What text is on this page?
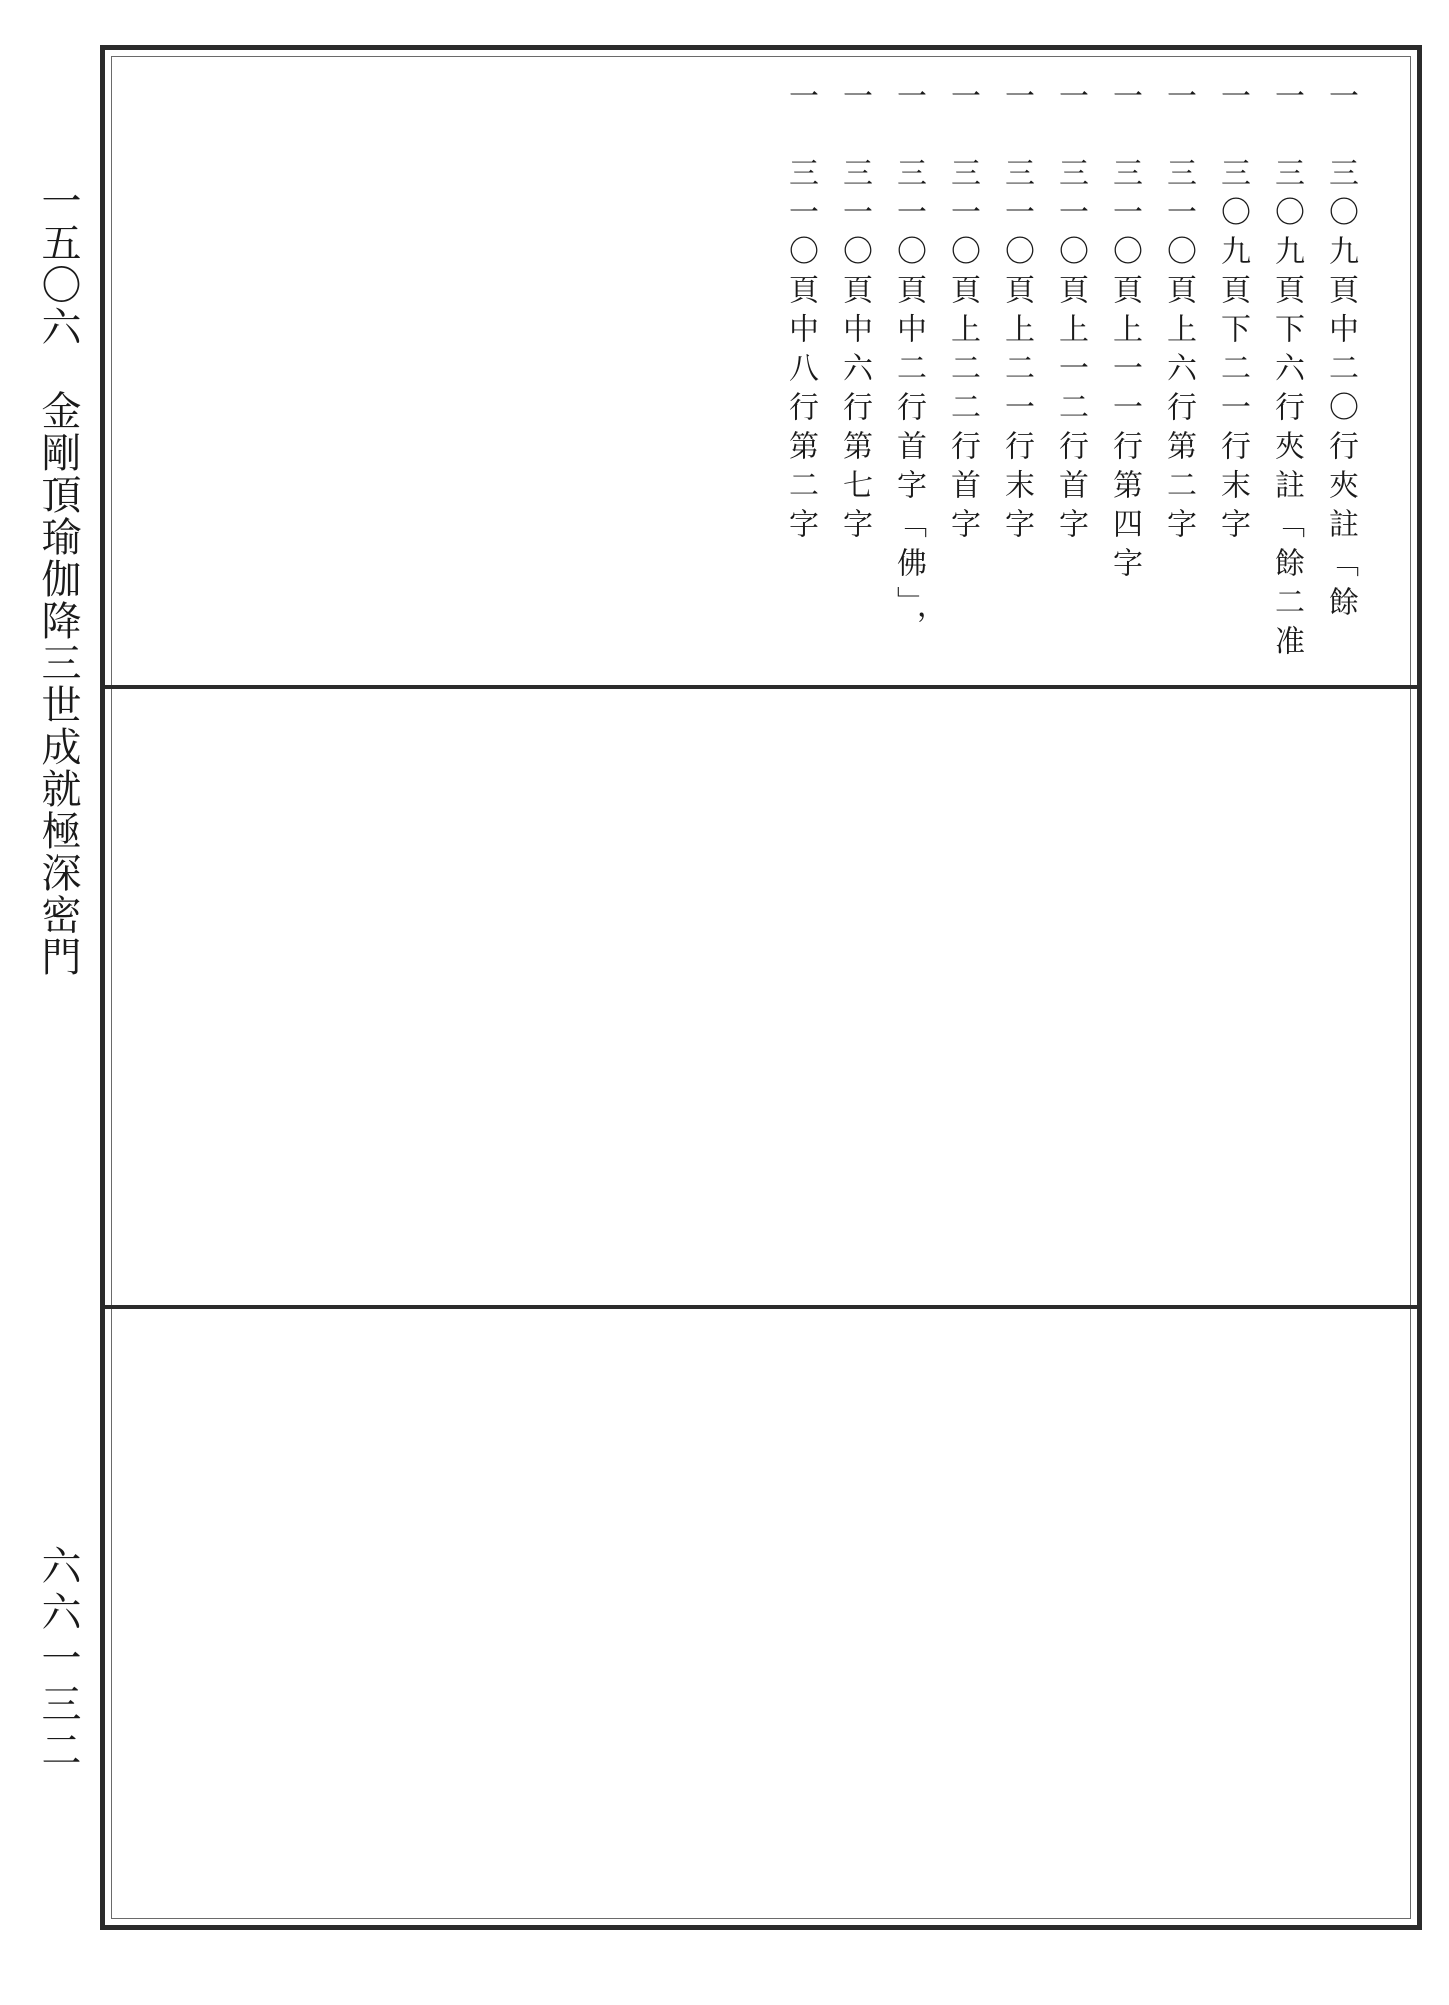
一五〇六　金剛頂瑜伽降三世成就極深密門
六六一三二
一三〇九頁中二〇行夾註「餘
一三〇九頁下六行夾註「餘二准
一三〇九頁下二一行末字
一三一〇頁上六行第二字
一三一〇頁上一一行第四字
一三一〇頁上一二行首字
一三一〇頁上二一行末字
一三一〇頁上二二行首字
一三一〇頁中二行首字「佛」，
一三一〇頁中六行第七字
一三一〇頁中八行第二字
